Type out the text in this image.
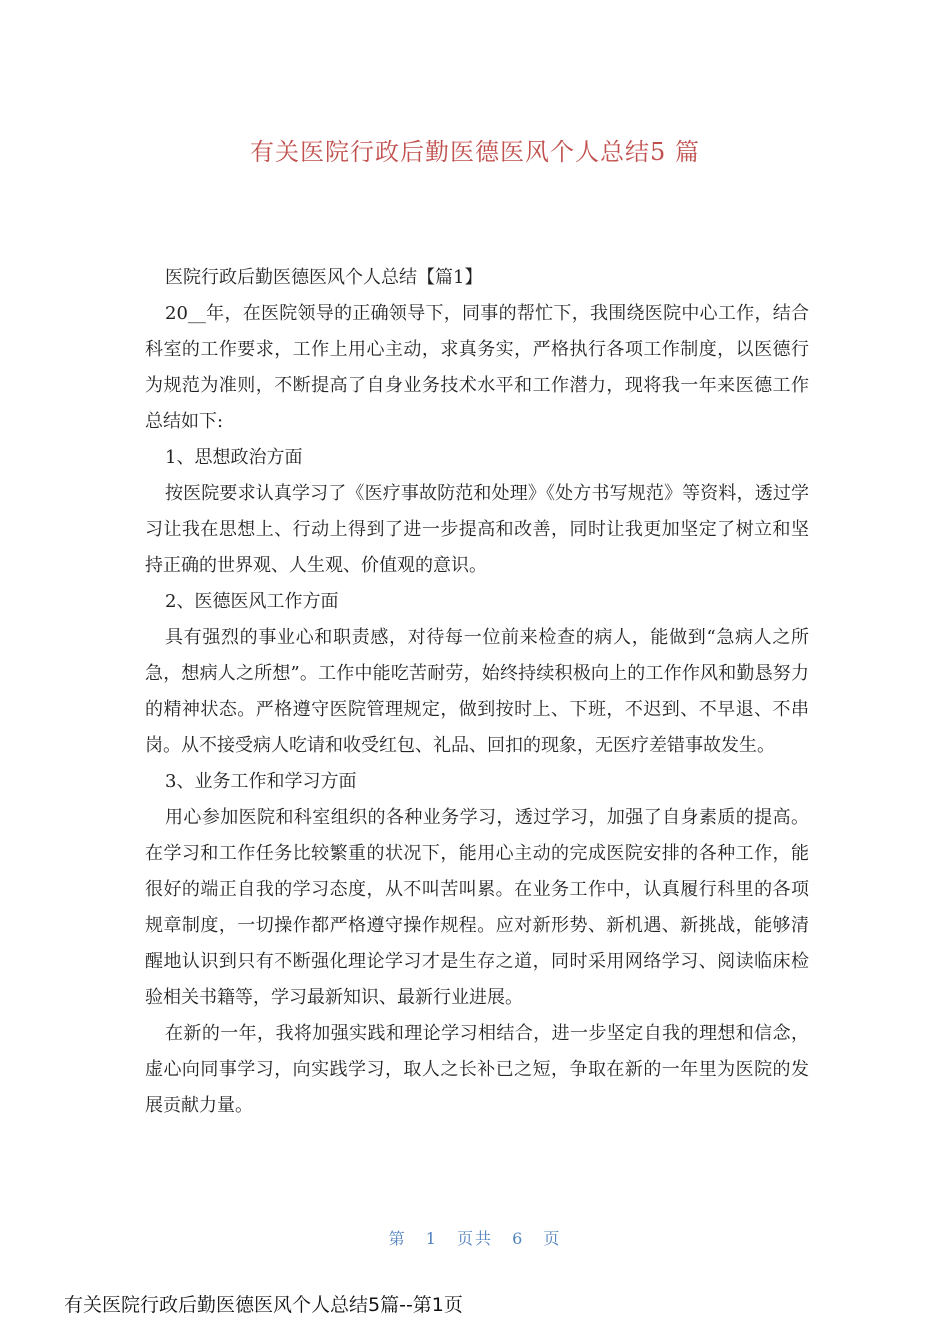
有关医院行政后勤医德医风个人总结5 篇

医院行政后勤医德医风个人总结【篇1】

20__年，在医院领导的正确领导下，同事的帮忙下，我围绕医院中心工作，结合科室的工作要求，工作上用心主动，求真务实，严格执行各项工作制度，以医德行为规范为准则，不断提高了自身业务技术水平和工作潜力，现将我一年来医德工作总结如下:

1、思想政治方面

按医院要求认真学习了《医疗事故防范和处理》《处方书写规范》等资料，透过学习让我在思想上、行动上得到了进一步提高和改善，同时让我更加坚定了树立和坚持正确的世界观、人生观、价值观的意识。

2、医德医风工作方面

具有强烈的事业心和职责感，对待每一位前来检查的病人，能做到“急病人之所急，想病人之所想”。工作中能吃苦耐劳，始终持续积极向上的工作作风和勤恳努力的精神状态。严格遵守医院管理规定，做到按时上、下班，不迟到、不早退、不串岗。从不接受病人吃请和收受红包、礼品、回扣的现象，无医疗差错事故发生。

3、业务工作和学习方面

用心参加医院和科室组织的各种业务学习，透过学习，加强了自身素质的提高。在学习和工作任务比较繁重的状况下，能用心主动的完成医院安排的各种工作，能很好的端正自我的学习态度，从不叫苦叫累。在业务工作中，认真履行科里的各项规章制度，一切操作都严格遵守操作规程。应对新形势、新机遇、新挑战，能够清醒地认识到只有不断强化理论学习才是生存之道，同时采用网络学习、阅读临床检验相关书籍等，学习最新知识、最新行业进展。

在新的一年，我将加强实践和理论学习相结合，进一步坚定自我的理想和信念，虚心向同事学习，向实践学习，取人之长补已之短，争取在新的一年里为医院的发展贡献力量。

第 1 页共 6 页
有关医院行政后勤医德医风个人总结5篇--第1页
